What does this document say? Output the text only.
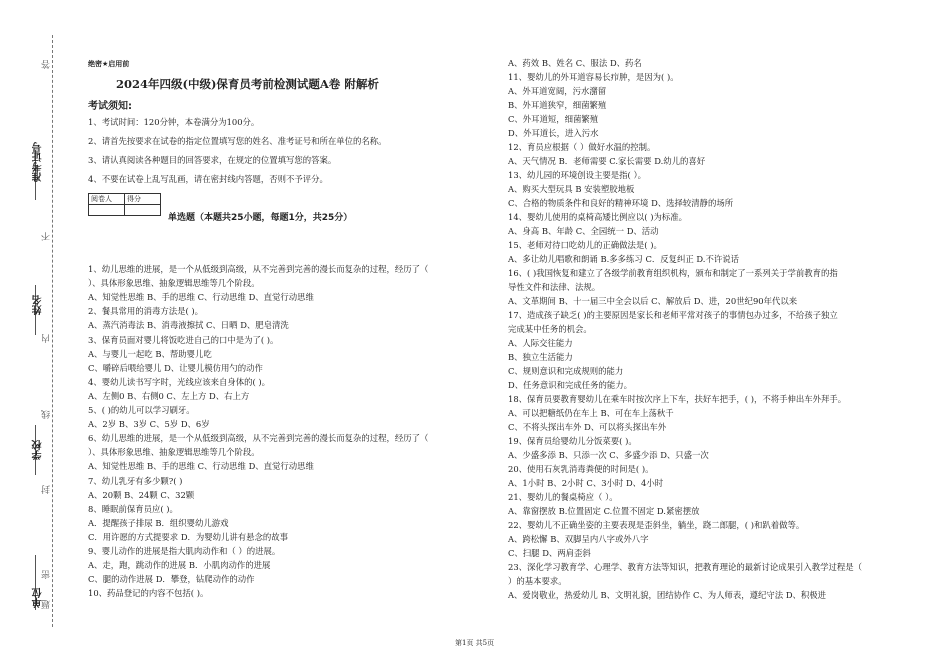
准考证号
姓名
学校
单位
答
不
内
线
封
密
题
绝密★启用前
2024年四级(中级)保育员考前检测试题A卷 附解析
考试须知:
1、考试时间：120分钟，本卷满分为100分。
2、请首先按要求在试卷的指定位置填写您的姓名、准考证号和所在单位的名称。
3、请认真阅读各种题目的回答要求，在规定的位置填写您的答案。
4、不要在试卷上乱写乱画，请在密封线内答题，否则不予评分。
阅卷人	得分

单选题（本题共25小题，每题1分，共25分）
1、幼儿思维的进展，是一个从低级到高级，从不完善到完善的漫长而复杂的过程，经历了（
）、具体形象思维、抽象逻辑思维等几个阶段。
A、知觉性思维 B、手的思维 C、行动思维 D、直觉行动思维
2、餐具常用的消毒方法是( )。
A、蒸汽消毒法 B、消毒液擦拭 C、日晒 D、肥皂清洗
3、保育员面对婴儿将饭吃进自己的口中是为了( )。
A、与婴儿一起吃 B、帮助婴儿吃
C、嚼碎后喂给婴儿 D、让婴儿模仿用勺的动作
4、婴幼儿读书写字时，光线应该来自身体的( )。
A、左侧0 B、右侧0 C、左上方 D、右上方
5、( )的幼儿可以学习刷牙。
A、2岁 B、3岁 C、5岁 D、6岁
6、幼儿思维的进展，是一个从低级到高级，从不完善到完善的漫长而复杂的过程，经历了（
）、具体形象思维、抽象逻辑思维等几个阶段。
A、知觉性思维 B、手的思维 C、行动思维 D、直觉行动思维
7、幼儿乳牙有多少颗?( )
A、20颗 B、24颗 C、32颗
8、睡眠前保育员应( )。
A．提醒孩子排尿 B．组织婴幼儿游戏
C．用许愿的方式提要求 D．为婴幼儿讲有悬念的故事
9、婴儿动作的进展是指大肌肉动作和（ ）的进展。
A、走，跑，跳动作的进展 B．小肌肉动作的进展
C、腿的动作进展 D．攀登，钻爬动作的动作
10、药品登记的内容不包括( )。
A、药效 B、姓名 C、服法 D、药名
11、婴幼儿的外耳道容易长疖肿，是因为( )。
A、外耳道宽阔，污水潴留
B、外耳道狭窄，细菌繁殖
C、外耳道短，细菌繁殖
D、外耳道长，进入污水
12、育员应根据（ ）做好水温的控制。
A、天气情况 B．老师需要 C.家长需要 D.幼儿的喜好
13、幼儿园的环境创设主要是指( ）。
A、购买大型玩具 B 安装塑胶地板
C、合格的物质条件和良好的精神环境 D、选择较清静的场所
14、婴幼儿使用的桌椅高矮比例应以( )为标准。
A、身高 B、年龄 C、全园统一 D、活动
15、老师对待口吃幼儿的正确做法是( )。
A、多让幼儿唱歌和朗诵 B.多多练习 C．反复纠正 D.不许说话
16、( )我国恢复和建立了各级学前教育组织机构，颁布和制定了一系列关于学前教育的指
导性文件和法律、法规。
A、文革期间 B、十一届三中全会以后 C、解放后 D、进，20世纪90年代以来
17、造成孩子缺乏( )的主要原因是家长和老师平常对孩子的事情包办过多，不给孩子独立
完成某中任务的机会。
A、人际交往能力
B、独立生活能力
C、规则意识和完成规则的能力
D、任务意识和完成任务的能力。
18、保育员要教育婴幼儿在乘车时按次序上下车，扶好车把手，( )，不将手伸出车外拜手。
A、可以把糖纸仍在车上 B、可在车上荡秋千
C、不将头探出车外 D、可以将头探出车外
19、保育员给婴幼儿分饭菜要( )。
A、少盛多添 B、只添一次 C、多盛少添 D、只盛一次
20、使用石灰乳消毒粪便的时间是( )。
A、1小时 B、2小时 C、3小时 D、4小时
21、婴幼儿的餐桌椅应（ ）。
A、靠窗摆放 B.位置固定 C.位置不固定 D.紧密摆放
22、婴幼儿不正确坐姿的主要表现是歪斜坐，躺坐，跷二郎腿，( )和趴着做等。
A、跨松懈 B、双脚呈内八字或外八字
C、扫腿 D、两肩歪斜
23、深化学习教育学、心理学、教育方法等知识，把教育理论的最新讨论成果引入教学过程是（
）的基本要求。
A、爱岗敬业，热爱幼儿 B、文明礼貌，团结协作 C、为人师表，遵纪守法 D、积极进
第1页 共5页
